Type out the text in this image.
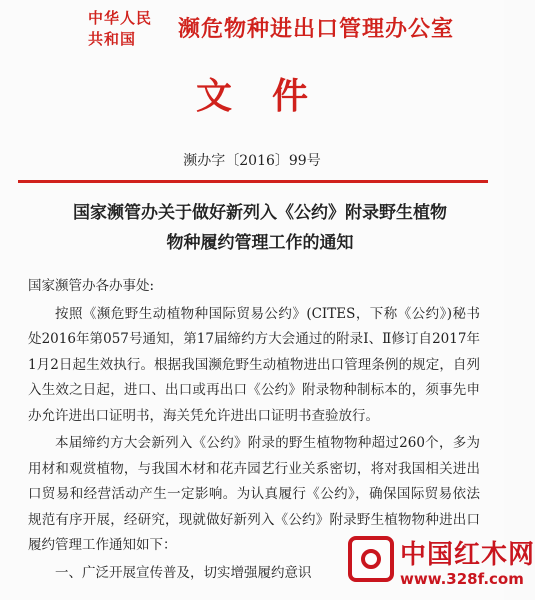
中华人民
共和国	濒危物种进出口管理办公室
文件
濒办字〔2016〕99号
国家濒管办关于做好新列入《公约》附录野生植物
物种履约管理工作的通知

国家濒管办各办事处:

按照《濒危野生动植物种国际贸易公约》(CITES，下称《公约》)秘书处2016年第057号通知，第17届缔约方大会通过的附录Ⅰ、Ⅱ修订自2017年1月2日起生效执行。根据我国濒危野生动植物进出口管理条例的规定，自列入生效之日起，进口、出口或再出口《公约》附录物种制标本的，须事先申办允许进出口证明书，海关凭允许进出口证明书查验放行。

本届缔约方大会新列入《公约》附录的野生植物物种超过260个，多为用材和观赏植物，与我国木材和花卉园艺行业关系密切，将对我国相关进出口贸易和经营活动产生一定影响。为认真履行《公约》，确保国际贸易依法规范有序开展，经研究，现就做好新列入《公约》附录野生植物物种进出口履约管理工作通知如下：

一、广泛开展宣传普及，切实增强履约意识

中国红木网
www.328f.com
